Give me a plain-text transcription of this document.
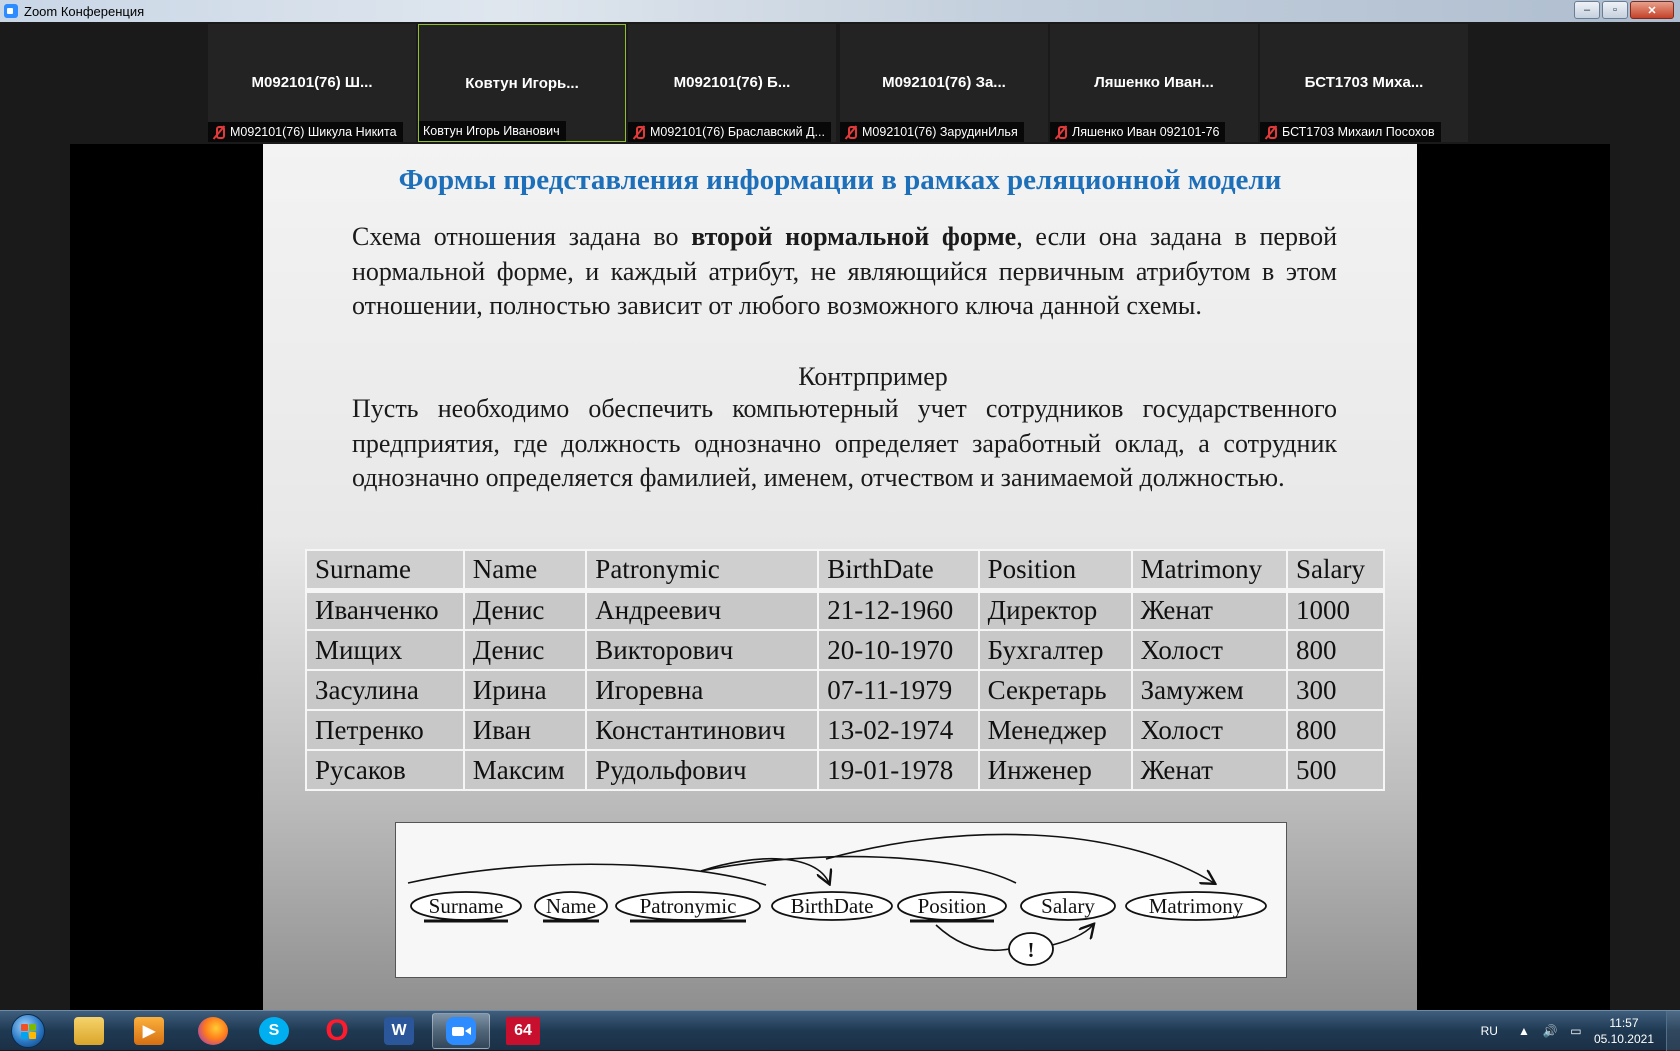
Zoom Конференция	–	▫	✕
M092101(76) Ш...
M092101(76) Шикула Никита
Ковтун Игорь...
Ковтун Игорь Иванович
M092101(76) Б...
M092101(76) Браславский Д...
M092101(76) За...
M092101(76) ЗарудинИлья
Ляшенко Иван...
Ляшенко Иван 092101-76
БСТ1703 Миха...
БСТ1703 Михаил Посохов
Формы представления информации в рамках реляционной модели
Схема отношения задана во второй нормальной форме, если она задана в первой нормальной форме, и каждый атрибут, не являющийся первичным атрибутом в этом отношении, полностью зависит от любого возможного ключа данной схемы.
Контрпример
Пусть необходимо обеспечить компьютерный учет сотрудников государственного предприятия, где должность однозначно определяет заработный оклад, а сотрудник однозначно определяется фамилией, именем, отчеством и занимаемой должностью.
Surname	Name	Patronymic	BirthDate	Position	Matrimony	Salary
Иванченко	Денис	Андреевич	21-12-1960	Директор	Женат	1000
Мищих	Денис	Викторович	20-10-1970	Бухгалтер	Холост	800
Засулина	Ирина	Игоревна	07-11-1979	Секретарь	Замужем	300
Петренко	Иван	Константинович	13-02-1974	Менеджер	Холост	800
Русаков	Максим	Рудольфович	19-01-1978	Инженер	Женат	500
Surname Name Patronymic	BirthDate Position	Salary	Matrimony
!
▶	S	O	W	64	RU ▲ 🔊 ▭
11:57
05.10.2021
